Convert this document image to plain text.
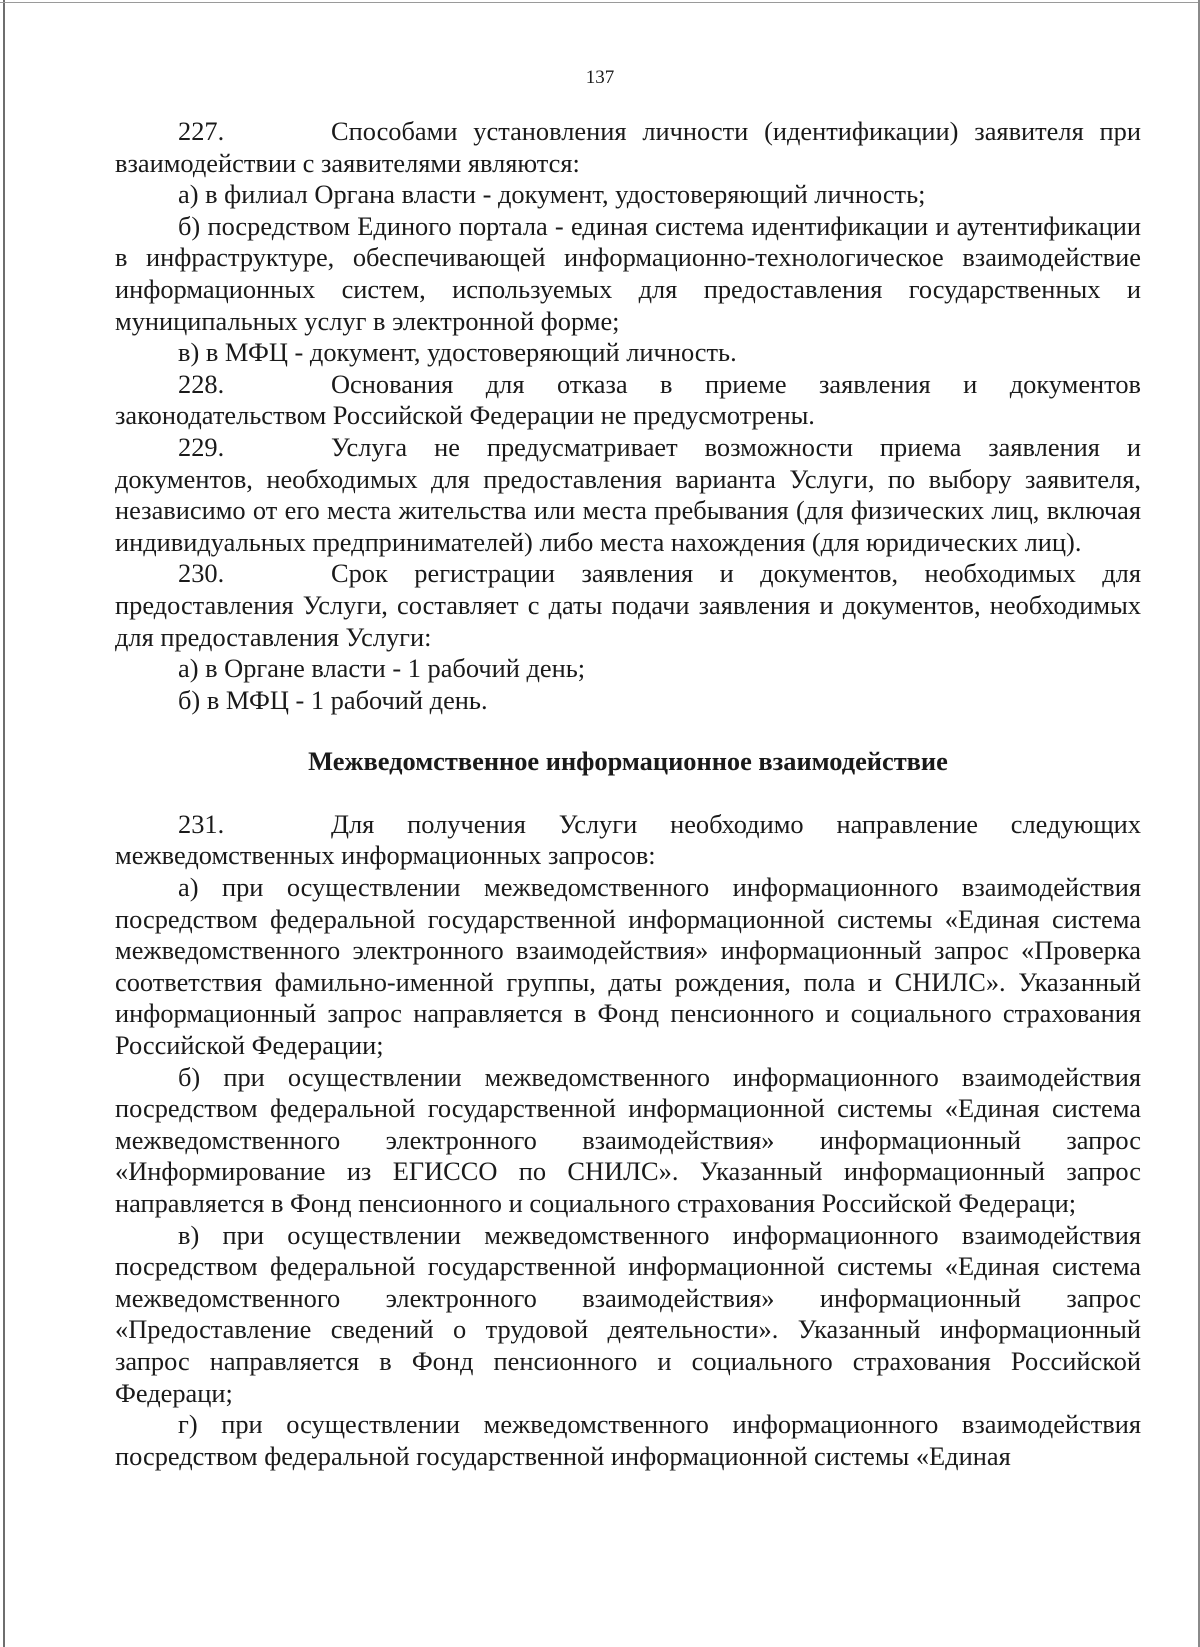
137

227.	Способами установления личности (идентификации) заявителя при взаимодействии с заявителями являются:

а) в филиал Органа власти - документ, удостоверяющий личность;

б) посредством Единого портала - единая система идентификации и аутентификации в инфраструктуре, обеспечивающей информационно-технологическое взаимодействие информационных систем, используемых для предоставления государственных и муниципальных услуг в электронной форме;

в) в МФЦ - документ, удостоверяющий личность.

228.	Основания для отказа в приеме заявления и документов законодательством Российской Федерации не предусмотрены.

229.	Услуга не предусматривает возможности приема заявления и документов, необходимых для предоставления варианта Услуги, по выбору заявителя, независимо от его места жительства или места пребывания (для физических лиц, включая индивидуальных предпринимателей) либо места нахождения (для юридических лиц).

230.	Срок регистрации заявления и документов, необходимых для предоставления Услуги, составляет с даты подачи заявления и документов, необходимых для предоставления Услуги:

а) в Органе власти - 1 рабочий день;

б) в МФЦ - 1 рабочий день.

Межведомственное информационное взаимодействие

231.	Для получения Услуги необходимо направление следующих межведомственных информационных запросов:

а) при осуществлении межведомственного информационного взаимодействия посредством федеральной государственной информационной системы «Единая система межведомственного электронного взаимодействия» информационный запрос «Проверка соответствия фамильно-именной группы, даты рождения, пола и СНИЛС». Указанный информационный запрос направляется в Фонд пенсионного и социального страхования Российской Федерации;

б) при осуществлении межведомственного информационного взаимодействия посредством федеральной государственной информационной системы «Единая система межведомственного электронного взаимодействия» информационный запрос «Информирование из ЕГИССО по СНИЛС». Указанный информационный запрос направляется в Фонд пенсионного и социального страхования Российской Федераци;

в) при осуществлении межведомственного информационного взаимодействия посредством федеральной государственной информационной системы «Единая система межведомственного электронного взаимодействия» информационный запрос «Предоставление сведений о трудовой деятельности». Указанный информационный запрос направляется в Фонд пенсионного и социального страхования Российской Федераци;

г) при осуществлении межведомственного информационного взаимодействия посредством федеральной государственной информационной системы «Единая
